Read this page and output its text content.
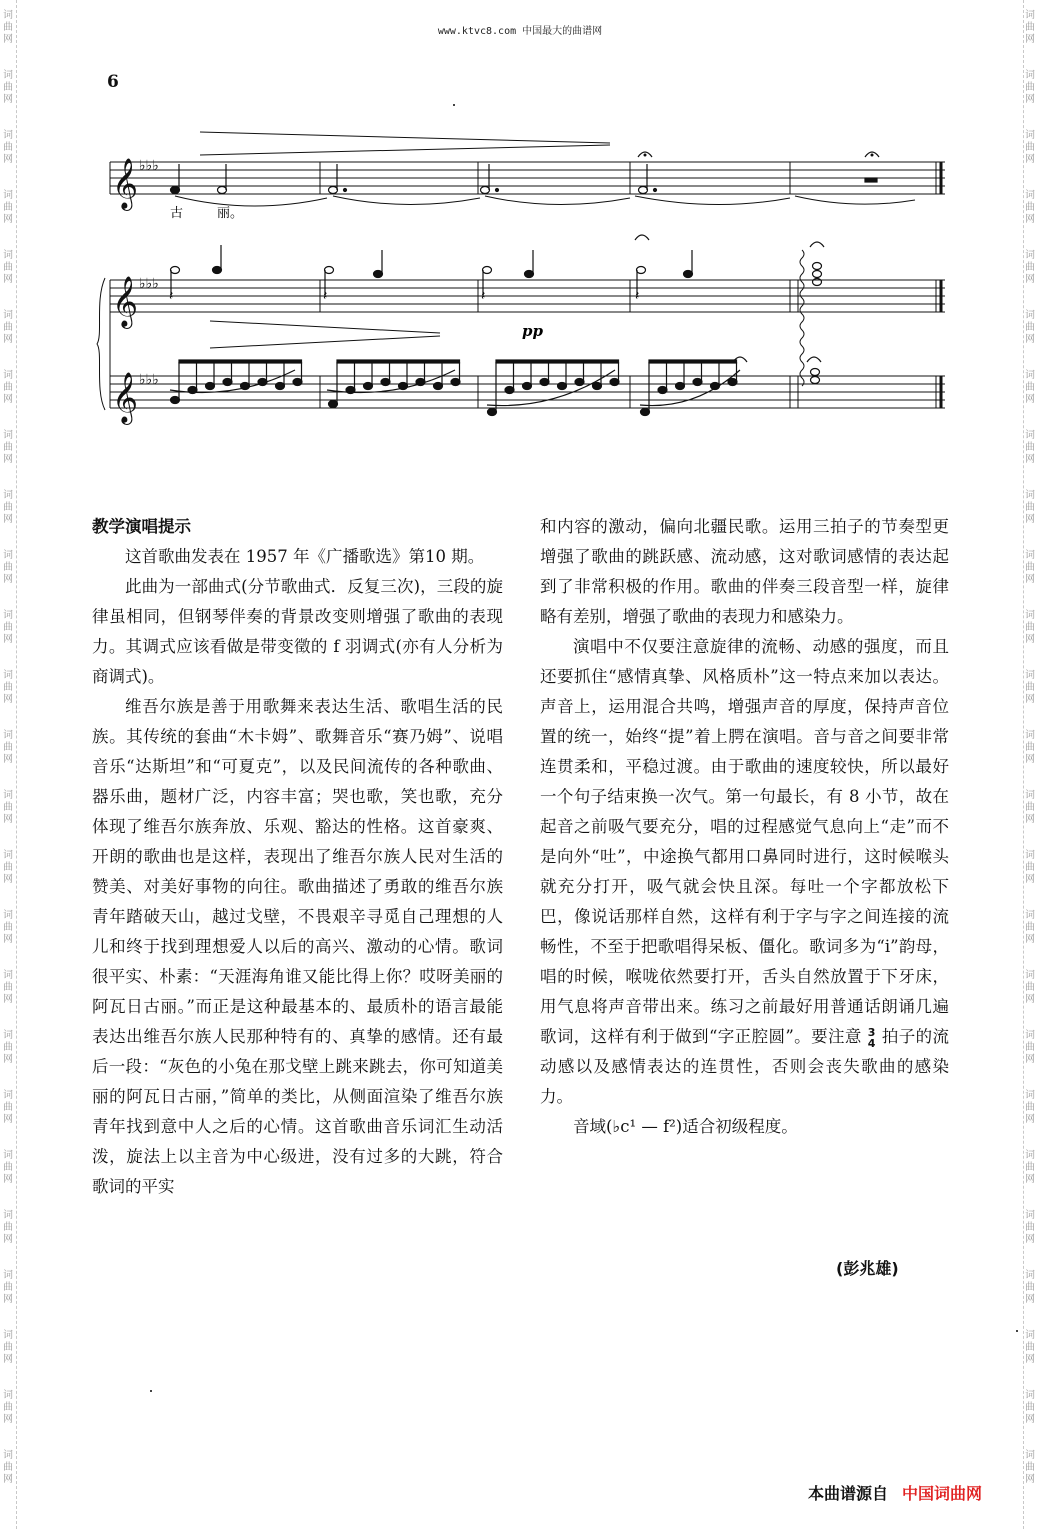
词
曲
网
词
曲
网
词
曲
网
词
曲
网
词
曲
网
词
曲
网
词
曲
网
词
曲
网
词
曲
网
词
曲
网
词
曲
网
词
曲
网
词
曲
网
词
曲
网
词
曲
网
词
曲
网
词
曲
网
词
曲
网
词
曲
网
词
曲
网
词
曲
网
词
曲
网
词
曲
网
词
曲
网
词
曲
网
词
曲
网
词
曲
网
词
曲
网
词
曲
网
词
曲
网
词
曲
网
词
曲
网
词
曲
网
词
曲
网
词
曲
网
词
曲
网
词
曲
网
词
曲
网
词
曲
网
词
曲
网
词
曲
网
词
曲
网
词
曲
网
词
曲
网
词
曲
网
词
曲
网
词
曲
网
词
曲
网
词
曲
网
词
曲
网
www.ktvc8.com 中国最大的曲谱网
6
𝄞
𝄞
𝄞
♭♭♭
♭♭♭
♭♭♭
古	丽。
𝄽	𝄽	𝄽	𝄽
pp
教学演唱提示

这首歌曲发表在 1957 年《广播歌选》第10 期。

此曲为一部曲式(分节歌曲式．反复三次)，三段的旋律虽相同，但钢琴伴奏的背景改变则增强了歌曲的表现力。其调式应该看做是带变徵的 f 羽调式(亦有人分析为商调式)。

维吾尔族是善于用歌舞来表达生活、歌唱生活的民族。其传统的套曲“木卡姆”、歌舞音乐“赛乃姆”、说唱音乐“达斯坦”和“可夏克”，以及民间流传的各种歌曲、器乐曲，题材广泛，内容丰富；哭也歌，笑也歌，充分体现了维吾尔族奔放、乐观、豁达的性格。这首豪爽、开朗的歌曲也是这样，表现出了维吾尔族人民对生活的赞美、对美好事物的向往。歌曲描述了勇敢的维吾尔族青年踏破天山，越过戈壁，不畏艰辛寻觅自己理想的人儿和终于找到理想爱人以后的高兴、激动的心情。歌词很平实、朴素：“天涯海角谁又能比得上你？哎呀美丽的阿瓦日古丽。”而正是这种最基本的、最质朴的语言最能表达出维吾尔族人民那种特有的、真挚的感情。还有最后一段：“灰色的小兔在那戈壁上跳来跳去，你可知道美丽的阿瓦日古丽，”简单的类比，从侧面渲染了维吾尔族青年找到意中人之后的心情。这首歌曲音乐词汇生动活泼，旋法上以主音为中心级进，没有过多的大跳，符合歌词的平实

和内容的激动，偏向北疆民歌。运用三拍子的节奏型更增强了歌曲的跳跃感、流动感，这对歌词感情的表达起到了非常积极的作用。歌曲的伴奏三段音型一样，旋律略有差别，增强了歌曲的表现力和感染力。

演唱中不仅要注意旋律的流畅、动感的强度，而且还要抓住“感情真挚、风格质朴”这一特点来加以表达。声音上，运用混合共鸣，增强声音的厚度，保持声音位置的统一，始终“提”着上腭在演唱。音与音之间要非常连贯柔和，平稳过渡。由于歌曲的速度较快，所以最好一个句子结束换一次气。第一句最长，有 8 小节，故在起音之前吸气要充分，唱的过程感觉气息向上“走”而不是向外“吐”，中途换气都用口鼻同时进行，这时候喉头就充分打开，吸气就会快且深。每吐一个字都放松下巴，像说话那样自然，这样有利于字与字之间连接的流畅性，不至于把歌唱得呆板、僵化。歌词多为“i”韵母，唱的时候，喉咙依然要打开，舌头自然放置于下牙床，用气息将声音带出来。练习之前最好用普通话朗诵几遍歌词，这样有利于做到“字正腔圆”。要注意 3
4 拍子的流动感以及感情表达的连贯性，否则会丧失歌曲的感染力。

音域(♭c¹ — f²)适合初级程度。

(彭兆雄)
本曲谱源自 中国词曲网
